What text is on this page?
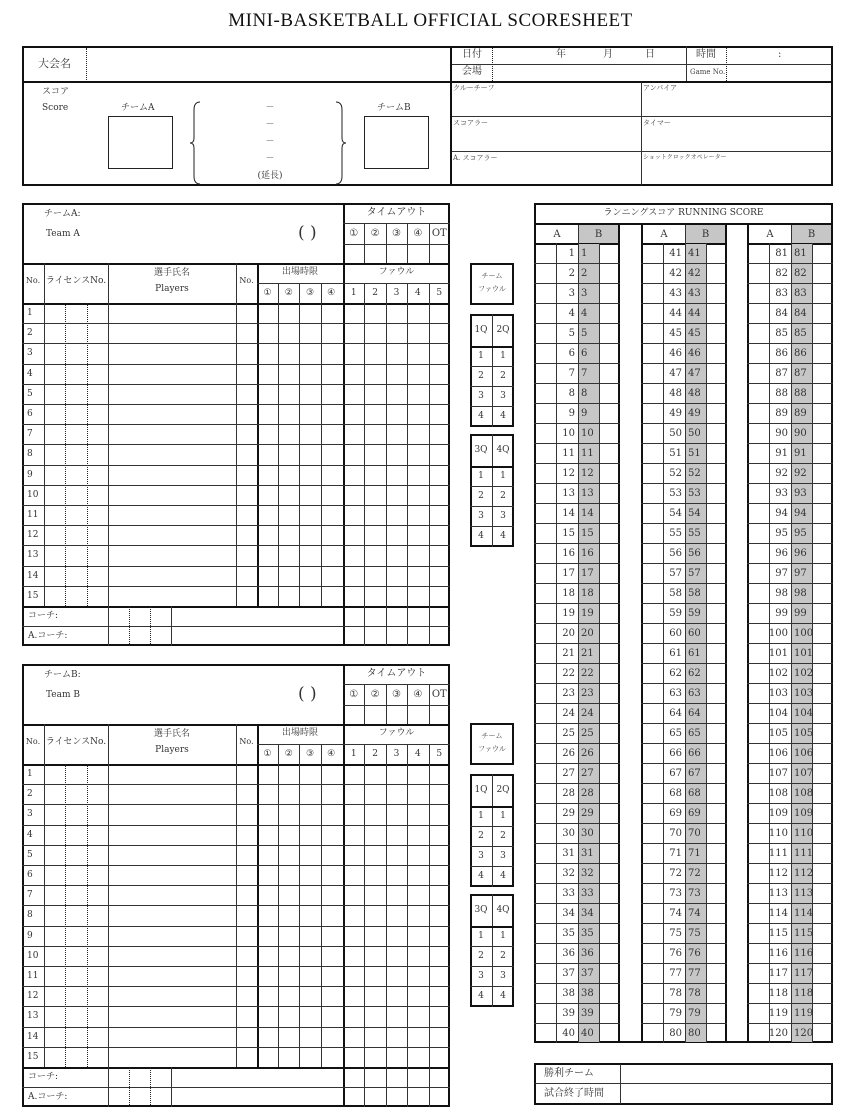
MINI-BASKETBALL OFFICIAL SCORESHEET
大会名
日付	年	月	日	時間	:
会場	Game No.
クルーチーフ	アンパイア
スコアラー	タイマー
A. スコアラー	ショットクロックオペレーター
スコア
Score	チームA	チームB
－
－
－
－
(延長)
タイムアウト
①	②	③	④ OT
チームA:
Team A	( )
No. ライセンスNo.
選手氏名
Players
No.
出場時限	ファウル
①	②	③	④	1	2	3	4	5
1
2
3
4
5
6
7
8
9
10
11
12
13
14
15
コーチ:
A.コーチ:
チーム
ファウル
1Q 2Q
1	1
2	2
3	3
4	4
3Q 4Q
1	1
2	2
3	3
4	4
タイムアウト
①	②	③	④ OT
チームB:
Team B	( )
No. ライセンスNo.
選手氏名
Players
No.
出場時限	ファウル
①	②	③	④	1	2	3	4	5
1
2
3
4
5
6
7
8
9
10
11
12
13
14
15
コーチ:
A.コーチ:
チーム
ファウル
1Q 2Q
1	1
2	2
3	3
4	4
3Q 4Q
1	1
2	2
3	3
4	4
ランニングスコア RUNNING SCORE
A	B
1 1
2 2
3 3
4 4
5 5
6 6
7 7
8 8
9 9
10 10
11 11
12 12
13 13
14 14
15 15
16 16
17 17
18 18
19 19
20 20
21 21
22 22
23 23
24 24
25 25
26 26
27 27
28 28
29 29
30 30
31 31
32 32
33 33
34 34
35 35
36 36
37 37
38 38
39 39
40 40
A	B
41 41
42 42
43 43
44 44
45 45
46 46
47 47
48 48
49 49
50 50
51 51
52 52
53 53
54 54
55 55
56 56
57 57
58 58
59 59
60 60
61 61
62 62
63 63
64 64
65 65
66 66
67 67
68 68
69 69
70 70
71 71
72 72
73 73
74 74
75 75
76 76
77 77
78 78
79 79
80 80
A	B
81 81
82 82
83 83
84 84
85 85
86 86
87 87
88 88
89 89
90 90
91 91
92 92
93 93
94 94
95 95
96 96
97 97
98 98
99 99
100 100
101 101
102 102
103 103
104 104
105 105
106 106
107 107
108 108
109 109
110 110
111 111
112 112
113 113
114 114
115 115
116 116
117 117
118 118
119 119
120 120
勝利チーム
試合終了時間
